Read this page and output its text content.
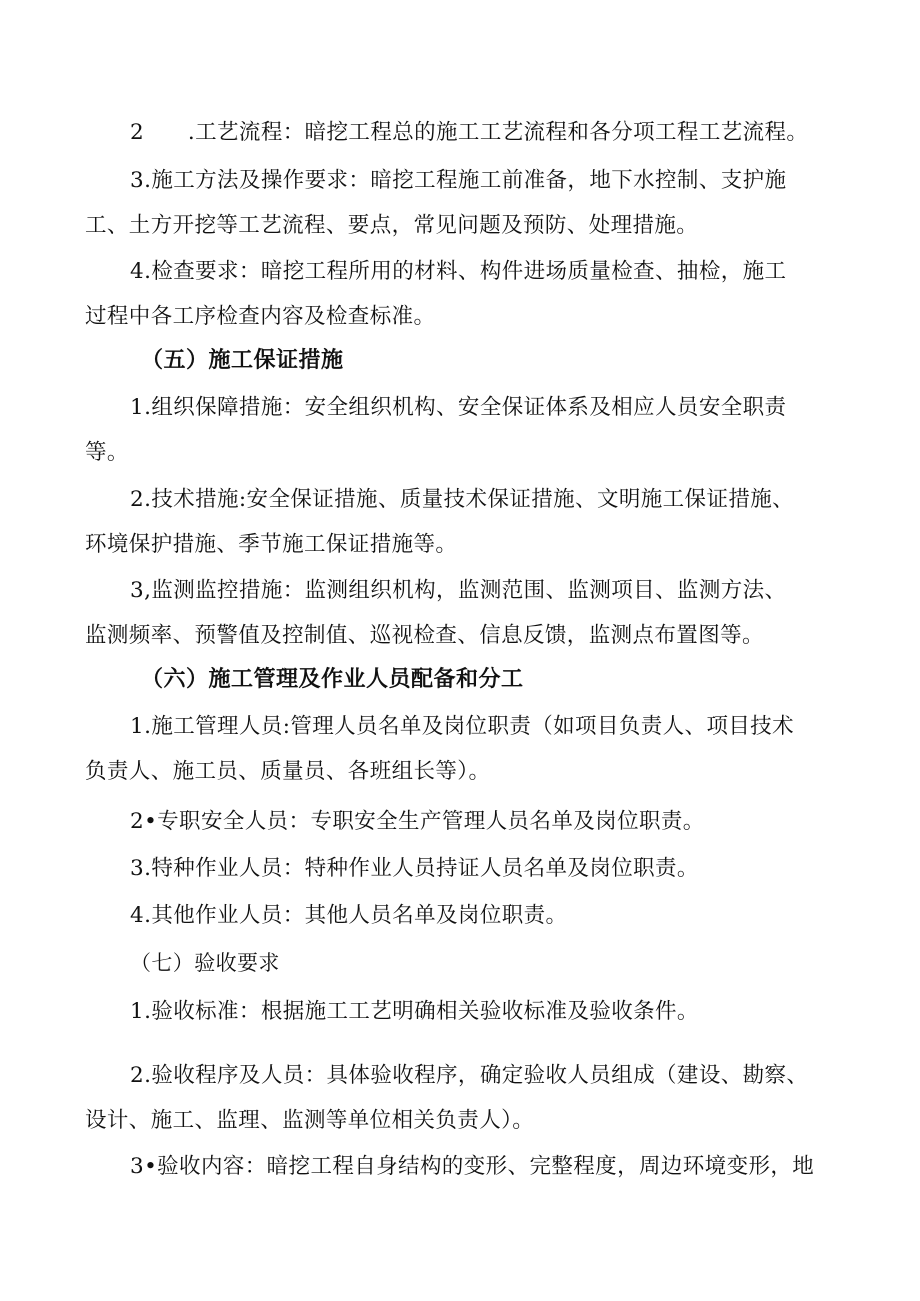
2　　.工艺流程：暗挖工程总的施工工艺流程和各分项工程工艺流程。
3.施工方法及操作要求：暗挖工程施工前准备，地下水控制、支护施
工、土方开挖等工艺流程、要点，常见问题及预防、处理措施。
4.检查要求：暗挖工程所用的材料、构件进场质量检查、抽检，施工
过程中各工序检查内容及检查标准。
（五）施工保证措施
1.组织保障措施：安全组织机构、安全保证体系及相应人员安全职责
等。
2.技术措施:安全保证措施、质量技术保证措施、文明施工保证措施、
环境保护措施、季节施工保证措施等。
3,监测监控措施：监测组织机构，监测范围、监测项目、监测方法、
监测频率、预警值及控制值、巡视检查、信息反馈，监测点布置图等。
（六）施工管理及作业人员配备和分工
1.施工管理人员:管理人员名单及岗位职责（如项目负责人、项目技术
负责人、施工员、质量员、各班组长等）。
2•专职安全人员：专职安全生产管理人员名单及岗位职责。
3.特种作业人员：特种作业人员持证人员名单及岗位职责。
4.其他作业人员：其他人员名单及岗位职责。
（七）验收要求
1.验收标准：根据施工工艺明确相关验收标准及验收条件。
2.验收程序及人员：具体验收程序，确定验收人员组成（建设、勘察、
设计、施工、监理、监测等单位相关负责人）。
3•验收内容：暗挖工程自身结构的变形、完整程度，周边环境变形，地
